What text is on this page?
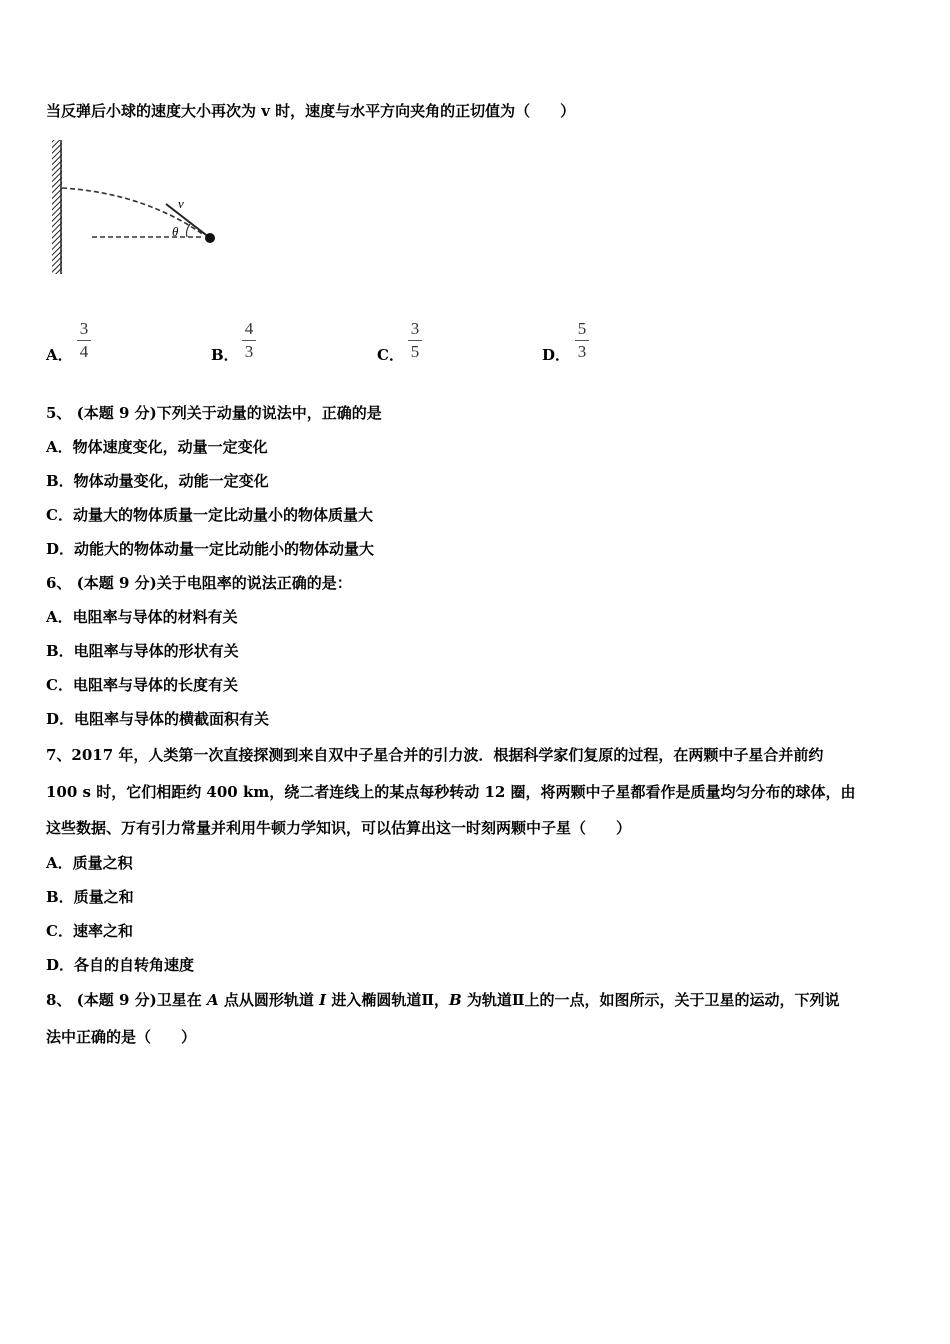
当反弹后小球的速度大小再次为 v 时，速度与水平方向夹角的正切值为（　　）
v
θ
A．
3
4	B．
4
3	C．
3
5	D．
5
3
5、 (本题 9 分)下列关于动量的说法中，正确的是
A．物体速度变化，动量一定变化
B．物体动量变化，动能一定变化
C．动量大的物体质量一定比动量小的物体质量大
D．动能大的物体动量一定比动能小的物体动量大
6、 (本题 9 分)关于电阻率的说法正确的是：
A．电阻率与导体的材料有关
B．电阻率与导体的形状有关
C．电阻率与导体的长度有关
D．电阻率与导体的横截面积有关
7、2017 年，人类第一次直接探测到来自双中子星合并的引力波．根据科学家们复原的过程，在两颗中子星合并前约
100 s 时，它们相距约 400 km，绕二者连线上的某点每秒转动 12 圈，将两颗中子星都看作是质量均匀分布的球体，由
这些数据、万有引力常量并利用牛顿力学知识，可以估算出这一时刻两颗中子星（　　）
A．质量之积
B．质量之和
C．速率之和
D．各自的自转角速度
8、 (本题 9 分)卫星在 A 点从圆形轨道 I 进入椭圆轨道Ⅱ，B 为轨道Ⅱ上的一点，如图所示，关于卫星的运动，下列说
法中正确的是（　　）
